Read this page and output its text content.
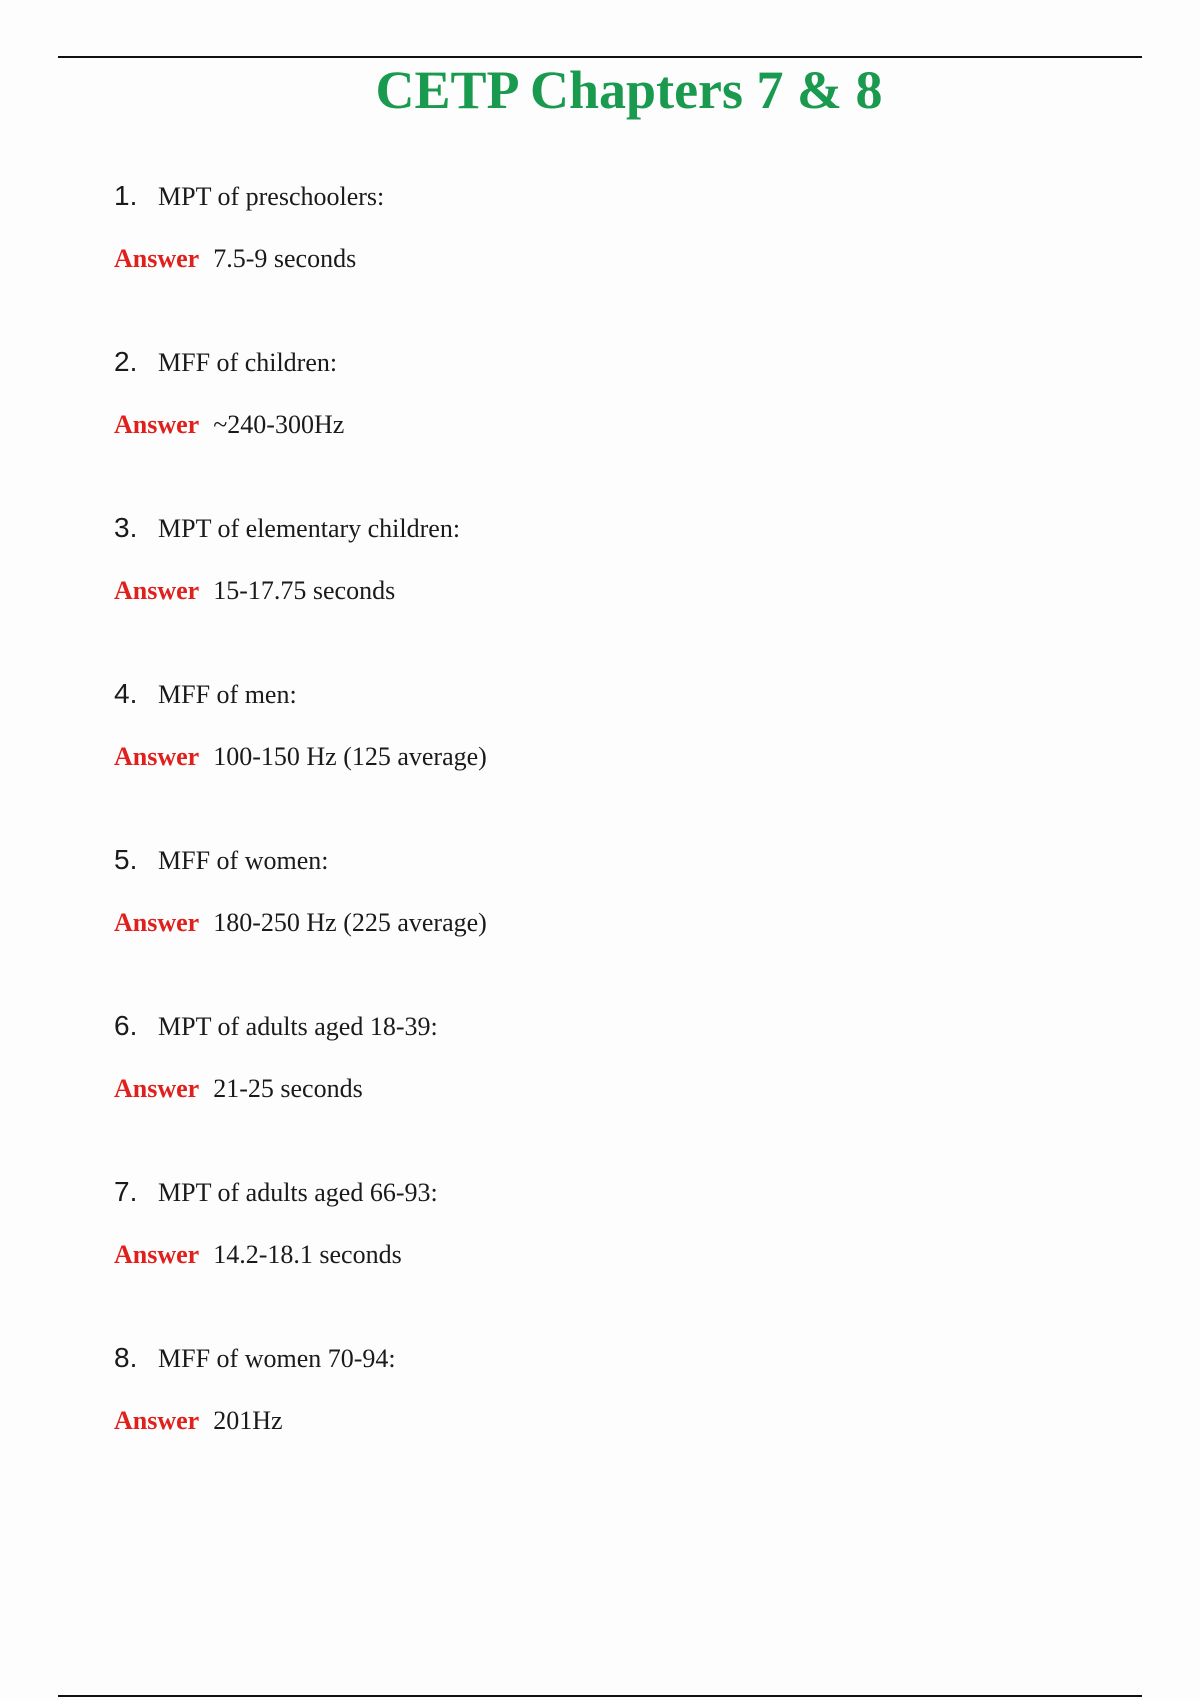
CETP Chapters 7 & 8
1. MPT of preschoolers:
Answer 7.5-9 seconds
2. MFF of children:
Answer ~240-300Hz
3. MPT of elementary children:
Answer 15-17.75 seconds
4. MFF of men:
Answer 100-150 Hz (125 average)
5. MFF of women:
Answer 180-250 Hz (225 average)
6. MPT of adults aged 18-39:
Answer 21-25 seconds
7. MPT of adults aged 66-93:
Answer 14.2-18.1 seconds
8. MFF of women 70-94:
Answer 201Hz
